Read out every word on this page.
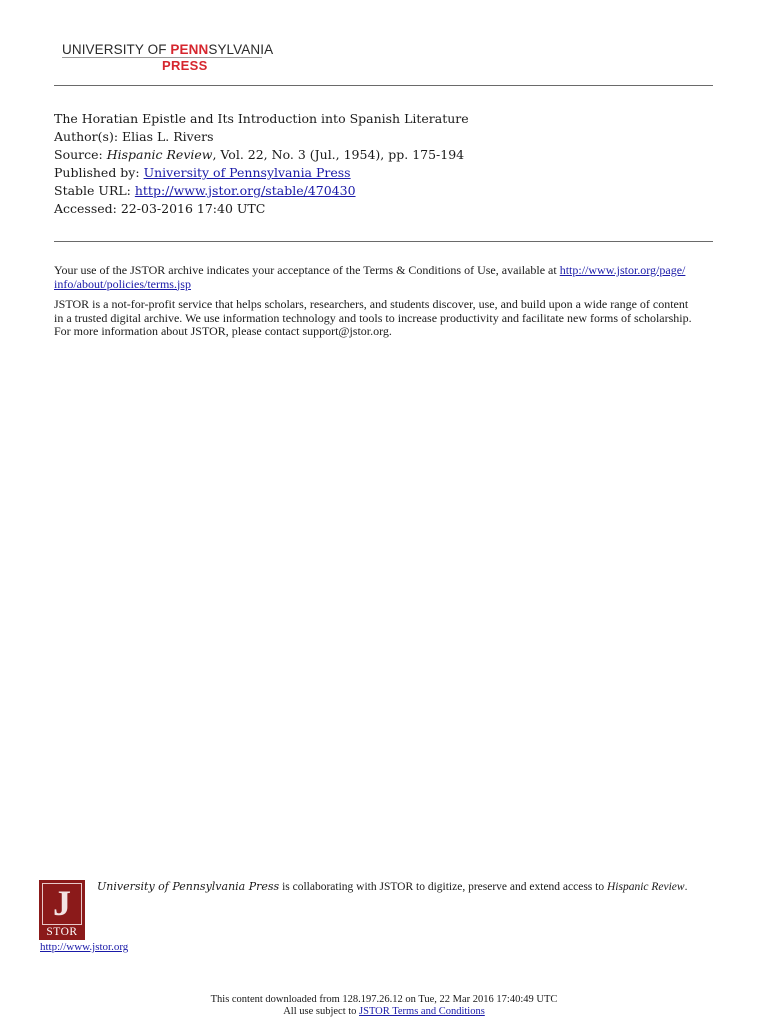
UNIVERSITY OF PENNSYLVANIA
PRESS
The Horatian Epistle and Its Introduction into Spanish Literature
Author(s): Elias L. Rivers
Source: Hispanic Review, Vol. 22, No. 3 (Jul., 1954), pp. 175-194
Published by: University of Pennsylvania Press
Stable URL: http://www.jstor.org/stable/470430
Accessed: 22-03-2016 17:40 UTC

Your use of the JSTOR archive indicates your acceptance of the Terms & Conditions of Use, available at http://www.jstor.org/page/
info/about/policies/terms.jsp

JSTOR is a not-for-profit service that helps scholars, researchers, and students discover, use, and build upon a wide range of content
in a trusted digital archive. We use information technology and tools to increase productivity and facilitate new forms of scholarship.
For more information about JSTOR, please contact support@jstor.org.

J
STOR
University of Pennsylvania Press is collaborating with JSTOR to digitize, preserve and extend access to Hispanic Review.
http://www.jstor.org
This content downloaded from 128.197.26.12 on Tue, 22 Mar 2016 17:40:49 UTC
All use subject to JSTOR Terms and Conditions
